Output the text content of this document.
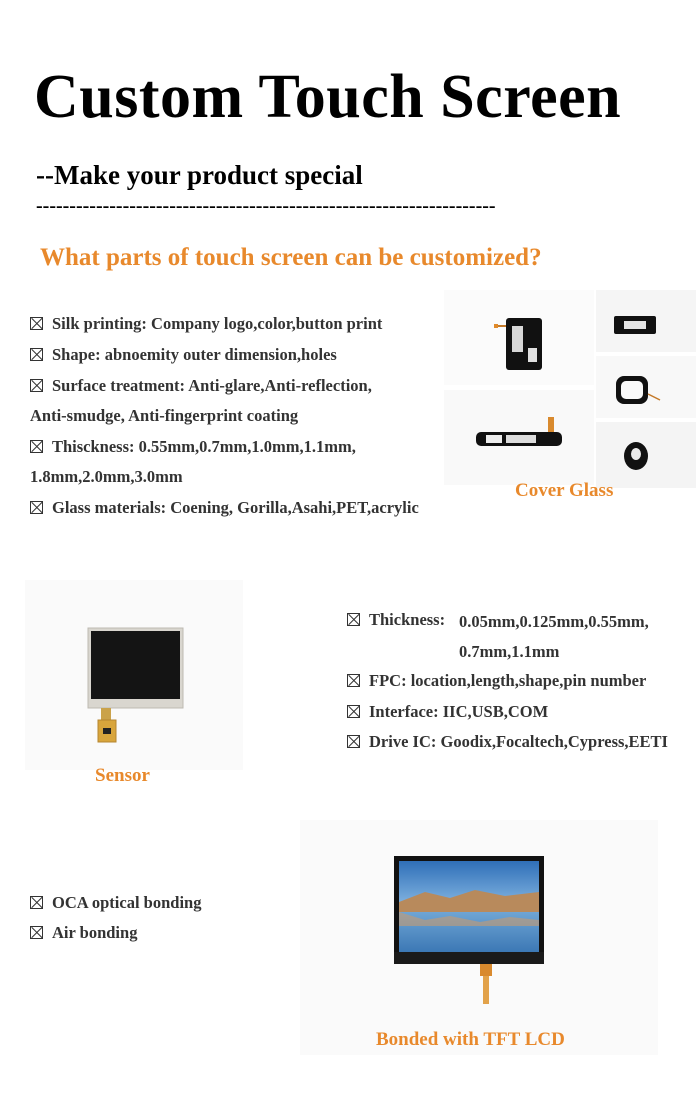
Custom Touch Screen
--Make your product special
---------------------------------------------------------------------
What parts of touch screen can be customized?
Silk printing: Company logo,color,button print
Shape: abnoemity outer dimension,holes
Surface treatment: Anti-glare,Anti-reflection,
Anti-smudge, Anti-fingerprint coating
Thisckness: 0.55mm,0.7mm,1.0mm,1.1mm,
1.8mm,2.0mm,3.0mm
Glass materials: Coening, Gorilla,Asahi,PET,acrylic
Cover Glass
Sensor
Thickness: 0.05mm,0.125mm,0.55mm,
0.7mm,1.1mm
FPC: location,length,shape,pin number
Interface: IIC,USB,COM
Drive IC: Goodix,Focaltech,Cypress,EETI
OCA optical bonding
Air bonding
Bonded with TFT LCD
